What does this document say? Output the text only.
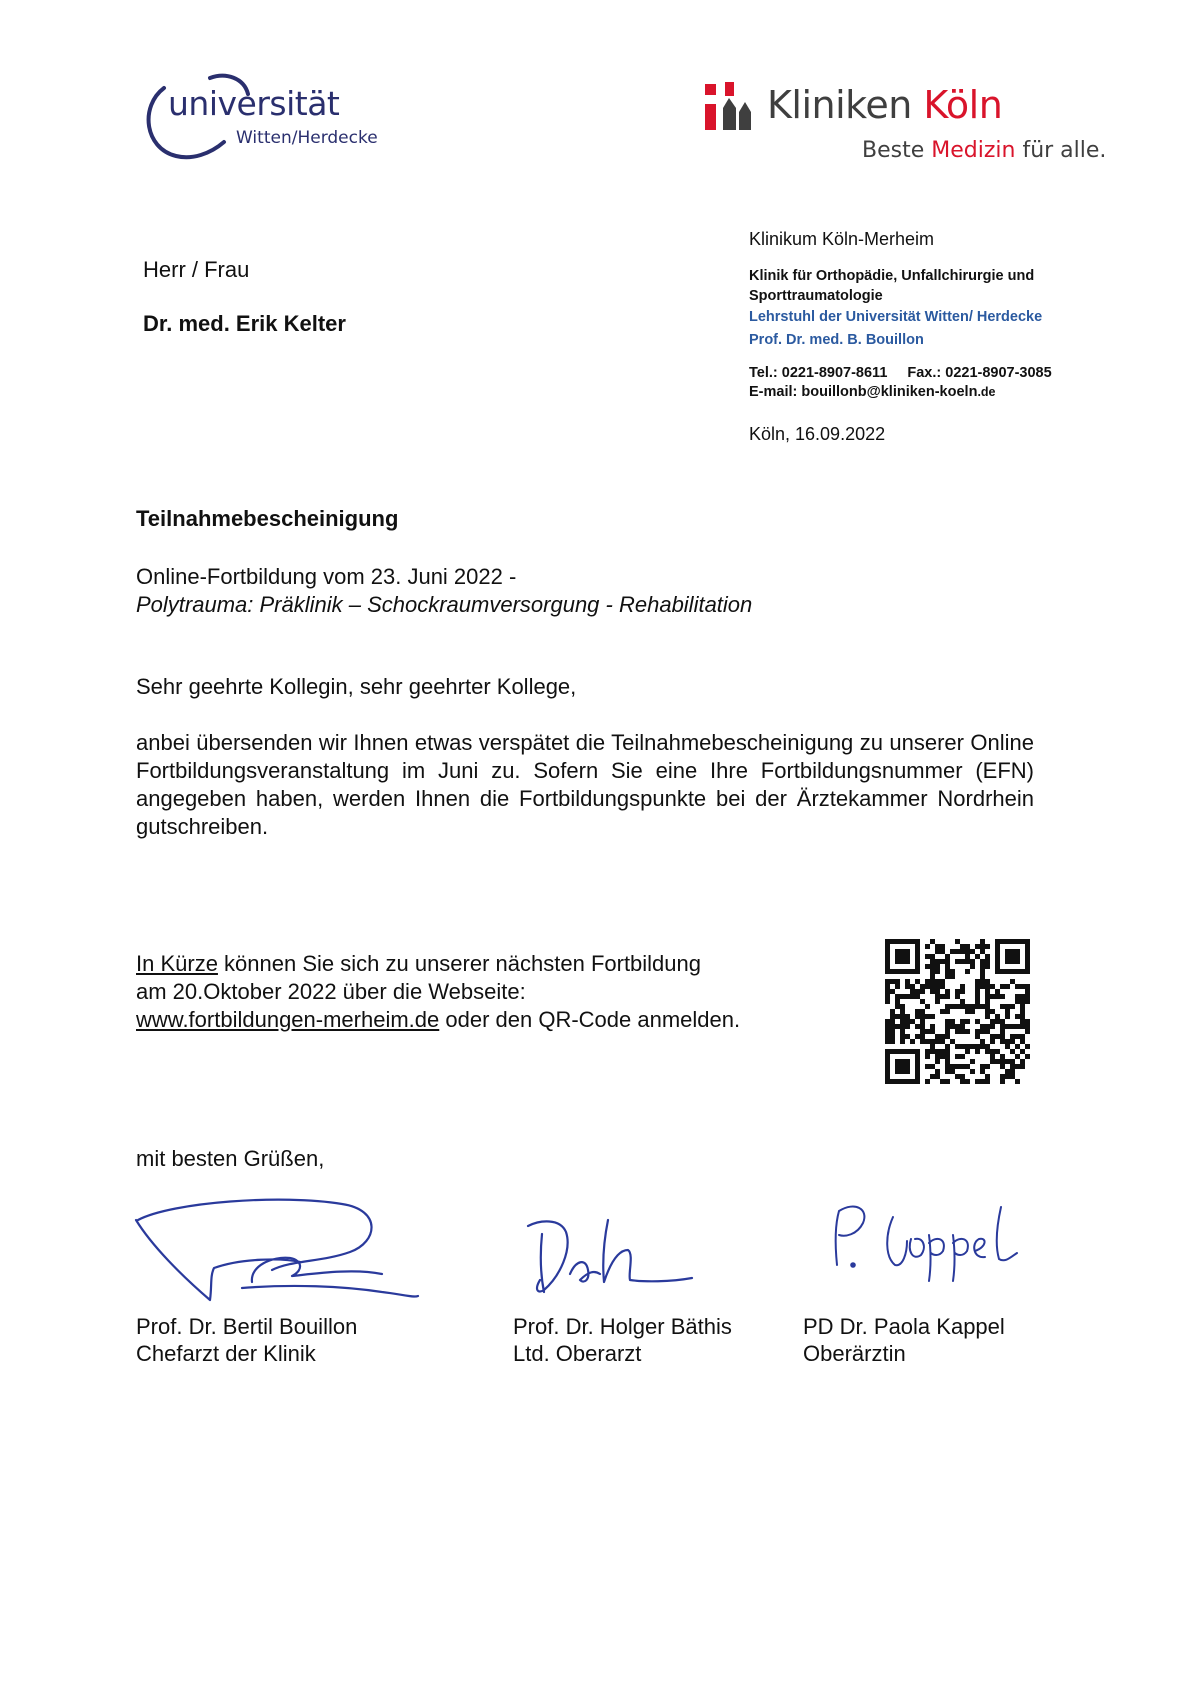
universität
Witten/Herdecke
Kliniken Köln
Beste Medizin für alle.
Herr / Frau
Dr. med. Erik Kelter
Klinikum Köln-Merheim
Klinik für Orthopädie, Unfallchirurgie und Sporttraumatologie
Lehrstuhl der Universität Witten/ Herdecke
Prof. Dr. med. B. Bouillon
Tel.: 0221-8907-8611 Fax.: 0221-8907-3085
E-mail: bouillonb@kliniken-koeln.de
Köln, 16.09.2022
Teilnahmebescheinigung
Online-Fortbildung vom 23. Juni 2022 -
Polytrauma: Präklinik – Schockraumversorgung - Rehabilitation
Sehr geehrte Kollegin, sehr geehrter Kollege,
anbei übersenden wir Ihnen etwas verspätet die Teilnahmebescheinigung zu unserer Online Fortbildungsveranstaltung im Juni zu. Sofern Sie eine Ihre Fortbildungsnummer (EFN) angegeben haben, werden Ihnen die Fortbildungspunkte bei der Ärztekammer Nordrhein gutschreiben.
In Kürze können Sie sich zu unserer nächsten Fortbildung
am 20.Oktober 2022 über die Webseite:
www.fortbildungen-merheim.de oder den QR-Code anmelden.
mit besten Grüßen,
Prof. Dr. Bertil Bouillon
Chefarzt der Klinik
Prof. Dr. Holger Bäthis
Ltd. Oberarzt
PD Dr. Paola Kappel
Oberärztin
